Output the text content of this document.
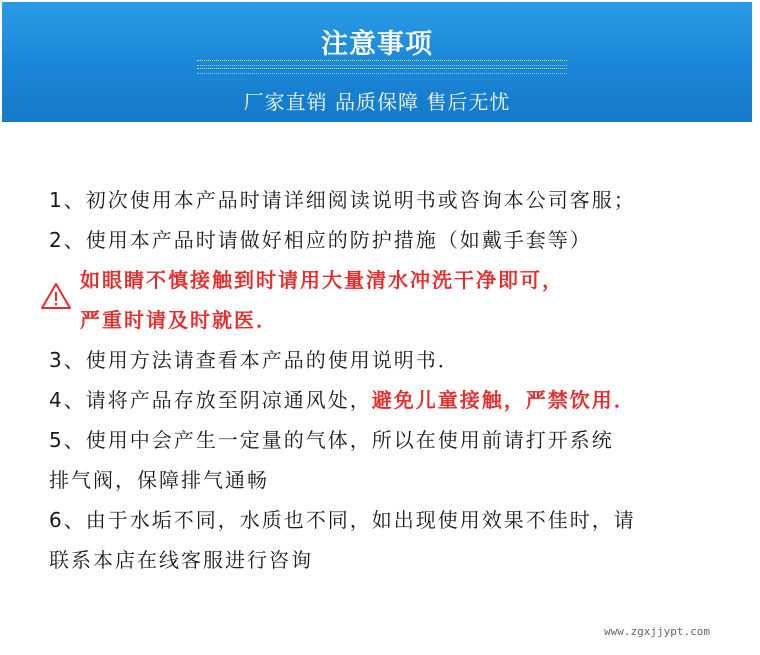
注意事项
厂家直销 品质保障 售后无忧
1、初次使用本产品时请详细阅读说明书或咨询本公司客服；
2、使用本产品时请做好相应的防护措施（如戴手套等）
如眼睛不慎接触到时请用大量清水冲洗干净即可，
严重时请及时就医．
3、使用方法请查看本产品的使用说明书．
4、请将产品存放至阴凉通风处，避免儿童接触，严禁饮用．
5、使用中会产生一定量的气体，所以在使用前请打开系统
排气阀，保障排气通畅
6、由于水垢不同，水质也不同，如出现使用效果不佳时，请
联系本店在线客服进行咨询
www.zgxjjypt.com
